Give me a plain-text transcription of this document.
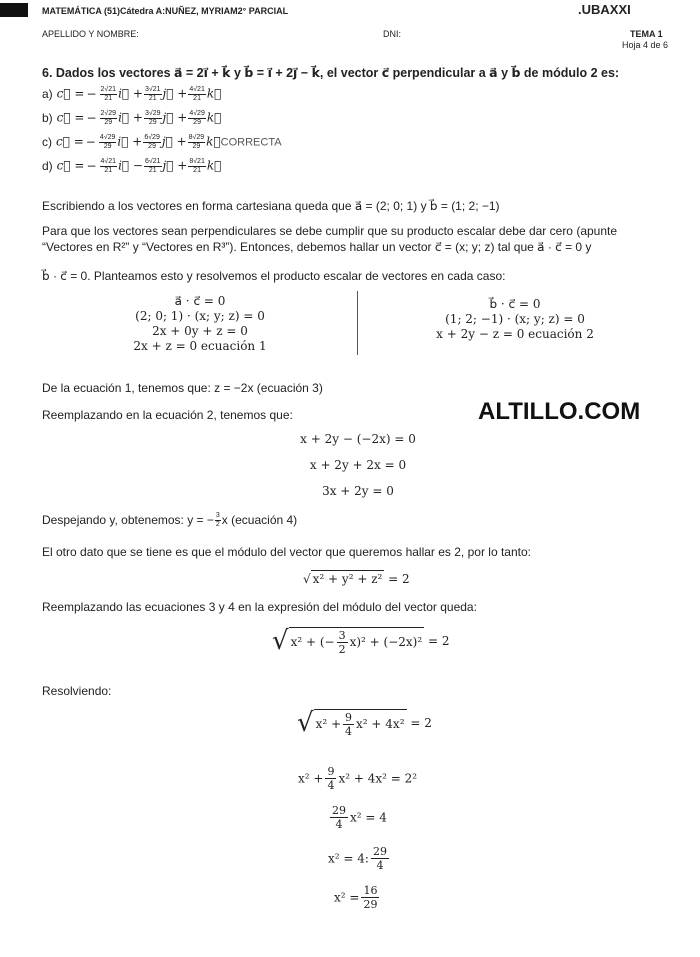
MATEMÁTICA (51)Cátedra A:NUÑEZ, MYRIAM2° PARCIAL	.UBAXXI
APELLIDO Y NOMBRE:	DNI:	TEMA 1
Hoja 4 de 6
6. Dados los vectores a⃗ = 2i⃗ + k⃗ y b⃗ = i⃗ + 2j⃗ − k⃗, el vector c⃗ perpendicular a a⃗ y b⃗ de módulo 2 es:
a) c⃗ = − $\frac{2√21}{21}$ i⃗ + $\frac{3√21}{21}$ j⃗ + $\frac{4√21}{21}$ k⃗
b) c⃗ = − $\frac{2√29}{29}$ i⃗ + $\frac{3√29}{29}$ j⃗ + $\frac{4√29}{29}$ k⃗
c) c⃗ = − $\frac{4√29}{29}$ i⃗ + $\frac{6√29}{29}$ j⃗ + $\frac{8√29}{29}$ k⃗CORRECTA
d) c⃗ = − $\frac{4√21}{21}$ i⃗ − $\frac{6√21}{21}$ j⃗ + $\frac{8√21}{21}$ k⃗
Escribiendo a los vectores en forma cartesiana queda que a⃗ = (2; 0; 1) y b⃗ = (1; 2; −1)
Para que los vectores sean perpendiculares se debe cumplir que su producto escalar debe dar cero (apunte
“Vectores en R²” y “Vectores en R³”). Entonces, debemos hallar un vector c⃗ = (x; y; z) tal que a⃗ · c⃗ = 0 y
b⃗ · c⃗ = 0. Planteamos esto y resolvemos el producto escalar de vectores en cada caso:
a⃗ · c⃗ = 0
(2; 0; 1) · (x; y; z) = 0
2x + 0y + z = 0
2x + z = 0 ecuación 1
b⃗ · c⃗ = 0
(1; 2; −1) · (x; y; z) = 0
x + 2y − z = 0 ecuación 2
De la ecuación 1, tenemos que: z = −2x (ecuación 3)
Reemplazando en la ecuación 2, tenemos que:	ALTILLO.COM
x + 2y − (−2x) = 0
x + 2y + 2x = 0
3x + 2y = 0
Despejando y, obtenemos: y = − $\frac{3}{2}$ x (ecuación 4)
El otro dato que se tiene es que el módulo del vector que queremos hallar es 2, por lo tanto:
√ x² + y² + z² = 2
Reemplazando las ecuaciones 3 y 4 en la expresión del módulo del vector queda:
√ x² + (− $\frac{3}{2} x)^2 + (-2x)^2 = 2$
Resolviendo:
√ $x^2 + \frac{9}{4} x^2 + 4x^2 = 2$
$x^2 + \frac{9}{4} x^2 + 4x^2 = 2^2$
$\frac{29}{4} x^2 = 4$
x² = 4: $\frac{29}{4}$
$x^2 = \frac{16}{29}$
